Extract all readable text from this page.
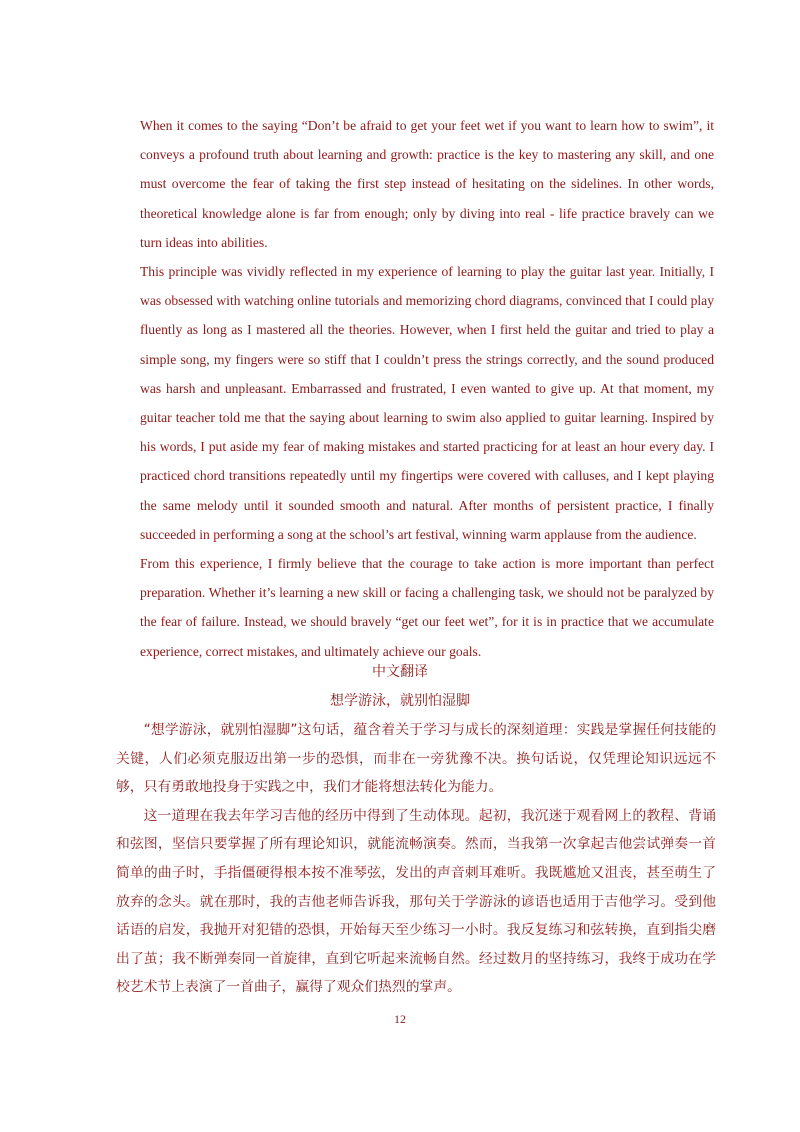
When it comes to the saying “Don’t be afraid to get your feet wet if you want to learn how to swim”, it conveys a profound truth about learning and growth: practice is the key to mastering any skill, and one must overcome the fear of taking the first step instead of hesitating on the sidelines. In other words, theoretical knowledge alone is far from enough; only by diving into real - life practice bravely can we turn ideas into abilities.

This principle was vividly reflected in my experience of learning to play the guitar last year. Initially, I was obsessed with watching online tutorials and memorizing chord diagrams, convinced that I could play fluently as long as I mastered all the theories. However, when I first held the guitar and tried to play a simple song, my fingers were so stiff that I couldn’t press the strings correctly, and the sound produced was harsh and unpleasant. Embarrassed and frustrated, I even wanted to give up. At that moment, my guitar teacher told me that the saying about learning to swim also applied to guitar learning. Inspired by his words, I put aside my fear of making mistakes and started practicing for at least an hour every day. I practiced chord transitions repeatedly until my fingertips were covered with calluses, and I kept playing the same melody until it sounded smooth and natural. After months of persistent practice, I finally succeeded in performing a song at the school’s art festival, winning warm applause from the audience.

From this experience, I firmly believe that the courage to take action is more important than perfect preparation. Whether it’s learning a new skill or facing a challenging task, we should not be paralyzed by the fear of failure. Instead, we should bravely “get our feet wet”, for it is in practice that we accumulate experience, correct mistakes, and ultimately achieve our goals.

中文翻译
想学游泳，就别怕湿脚

“想学游泳，就别怕湿脚”这句话，蕴含着关于学习与成长的深刻道理：实践是掌握任何技能的关键，人们必须克服迈出第一步的恐惧，而非在一旁犹豫不决。换句话说，仅凭理论知识远远不够，只有勇敢地投身于实践之中，我们才能将想法转化为能力。

这一道理在我去年学习吉他的经历中得到了生动体现。起初，我沉迷于观看网上的教程、背诵和弦图，坚信只要掌握了所有理论知识，就能流畅演奏。然而，当我第一次拿起吉他尝试弹奏一首简单的曲子时，手指僵硬得根本按不准琴弦，发出的声音刺耳难听。我既尴尬又沮丧，甚至萌生了放弃的念头。就在那时，我的吉他老师告诉我，那句关于学游泳的谚语也适用于吉他学习。受到他话语的启发，我抛开对犯错的恐惧，开始每天至少练习一小时。我反复练习和弦转换，直到指尖磨出了茧；我不断弹奏同一首旋律，直到它听起来流畅自然。经过数月的坚持练习，我终于成功在学校艺术节上表演了一首曲子，赢得了观众们热烈的掌声。

12
